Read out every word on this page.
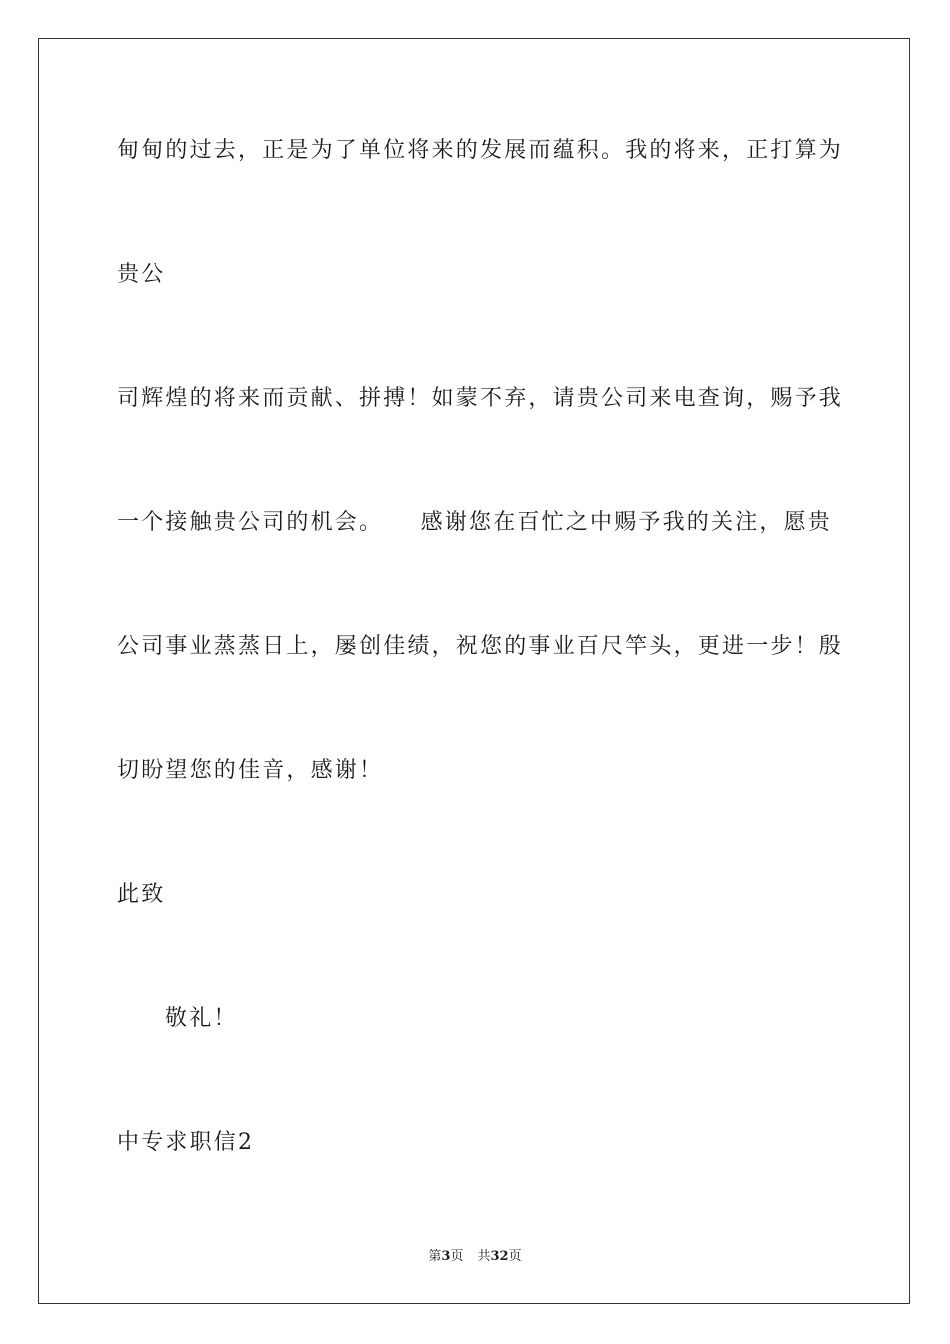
甸甸的过去，正是为了单位将来的发展而蕴积。我的将来，正打算为
贵公
司辉煌的将来而贡献、拼搏！如蒙不弃，请贵公司来电查询，赐予我
一个接触贵公司的机会。　　感谢您在百忙之中赐予我的关注，愿贵
公司事业蒸蒸日上，屡创佳绩，祝您的事业百尺竿头，更进一步！殷
切盼望您的佳音，感谢！
此致
敬礼！
中专求职信2
第3页 共32页
